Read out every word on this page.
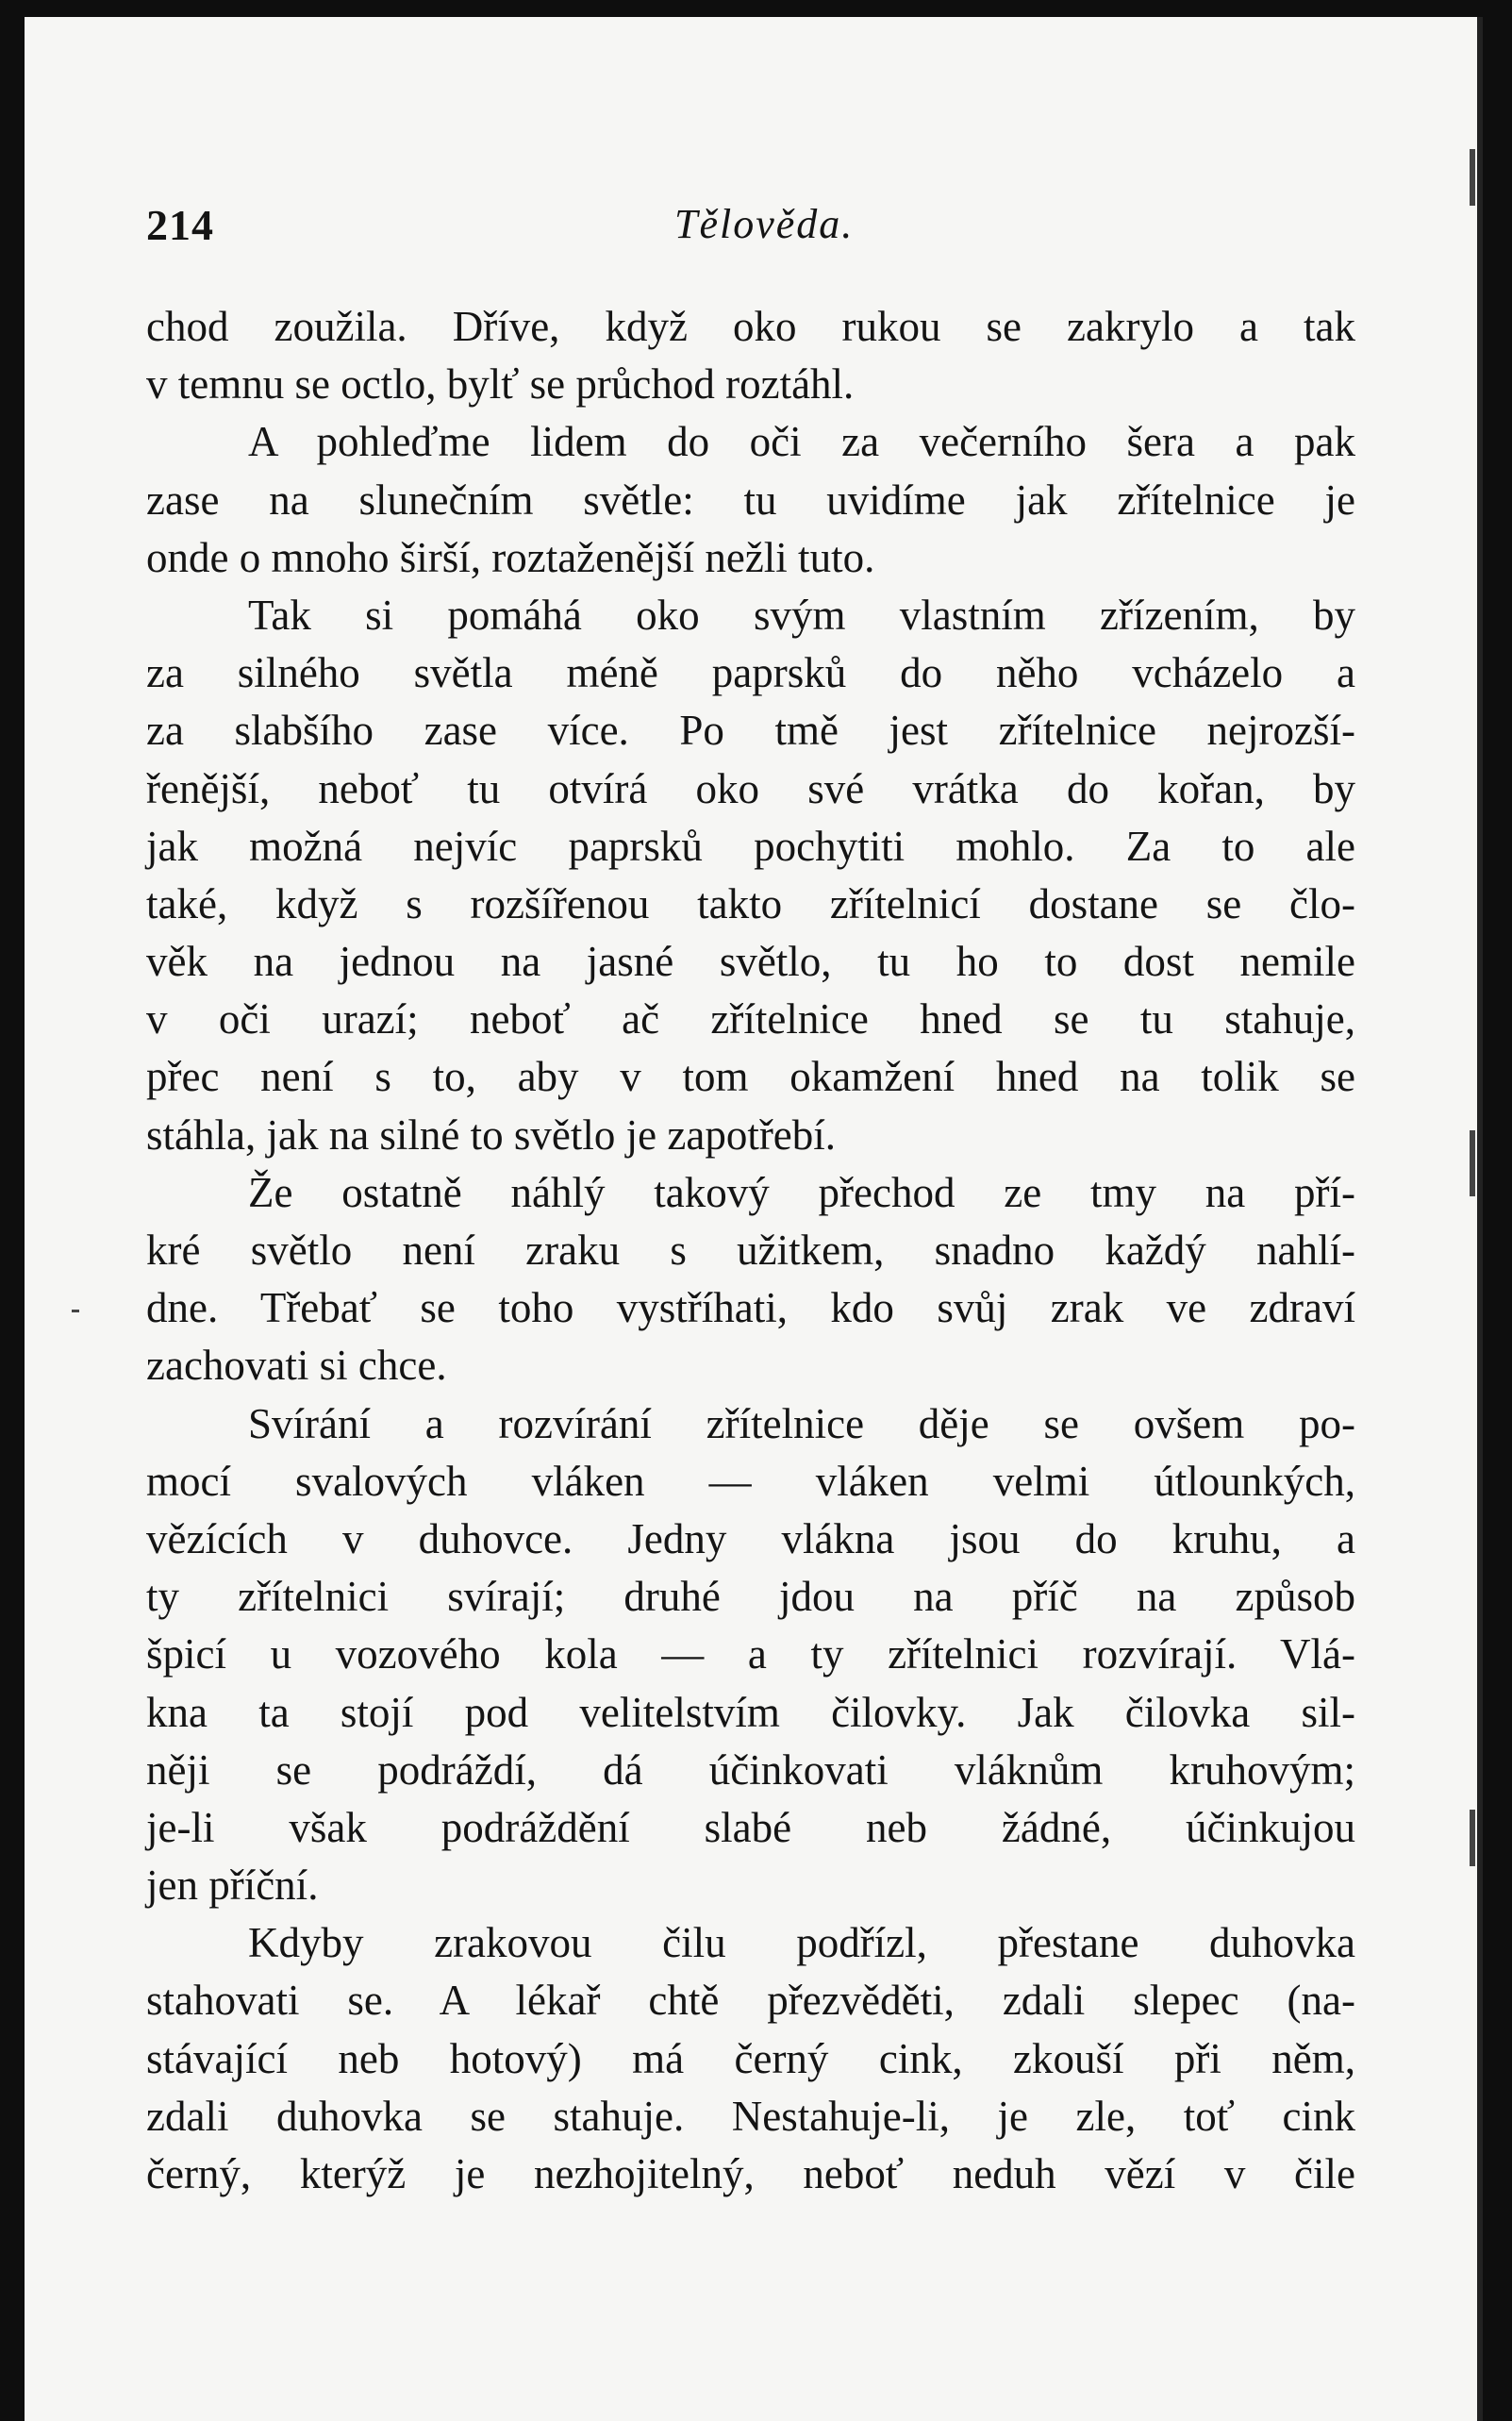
214	Tělověda.
chod zoužila. Dříve, když oko rukou se zakrylo a tak
v temnu se octlo, bylť se průchod roztáhl.
A pohleďme lidem do oči za večerního šera a pak
zase na slunečním světle: tu uvidíme jak zřítelnice je
onde o mnoho širší, roztaženější nežli tuto.
Tak si pomáhá oko svým vlastním zřízením, by
za silného světla méně paprsků do něho vcházelo a
za slabšího zase více. Po tmě jest zřítelnice nejrozší-
řenější, neboť tu otvírá oko své vrátka do kořan, by
jak možná nejvíc paprsků pochytiti mohlo. Za to ale
také, když s rozšířenou takto zřítelnicí dostane se člo-
věk na jednou na jasné světlo, tu ho to dost nemile
v oči urazí; neboť ač zřítelnice hned se tu stahuje,
přec není s to, aby v tom okamžení hned na tolik se
stáhla, jak na silné to světlo je zapotřebí.
Že ostatně náhlý takový přechod ze tmy na pří-
kré světlo není zraku s užitkem, snadno každý nahlí-
dne. Třebať se toho vystříhati, kdo svůj zrak ve zdraví
zachovati si chce.
Svírání a rozvírání zřítelnice děje se ovšem po-
mocí svalových vláken — vláken velmi útlounkých,
vězících v duhovce. Jedny vlákna jsou do kruhu, a
ty zřítelnici svírají; druhé jdou na příč na způsob
špicí u vozového kola — a ty zřítelnici rozvírají. Vlá-
kna ta stojí pod velitelstvím čilovky. Jak čilovka sil-
něji se podráždí, dá účinkovati vláknům kruhovým;
je-li však podráždění slabé neb žádné, účinkujou
jen příční.
Kdyby zrakovou čilu podřízl, přestane duhovka
stahovati se. A lékař chtě přezvěděti, zdali slepec (na-
stávající neb hotový) má černý cink, zkouší při něm,
zdali duhovka se stahuje. Nestahuje-li, je zle, toť cink
černý, kterýž je nezhojitelný, neboť neduh vězí v čile
